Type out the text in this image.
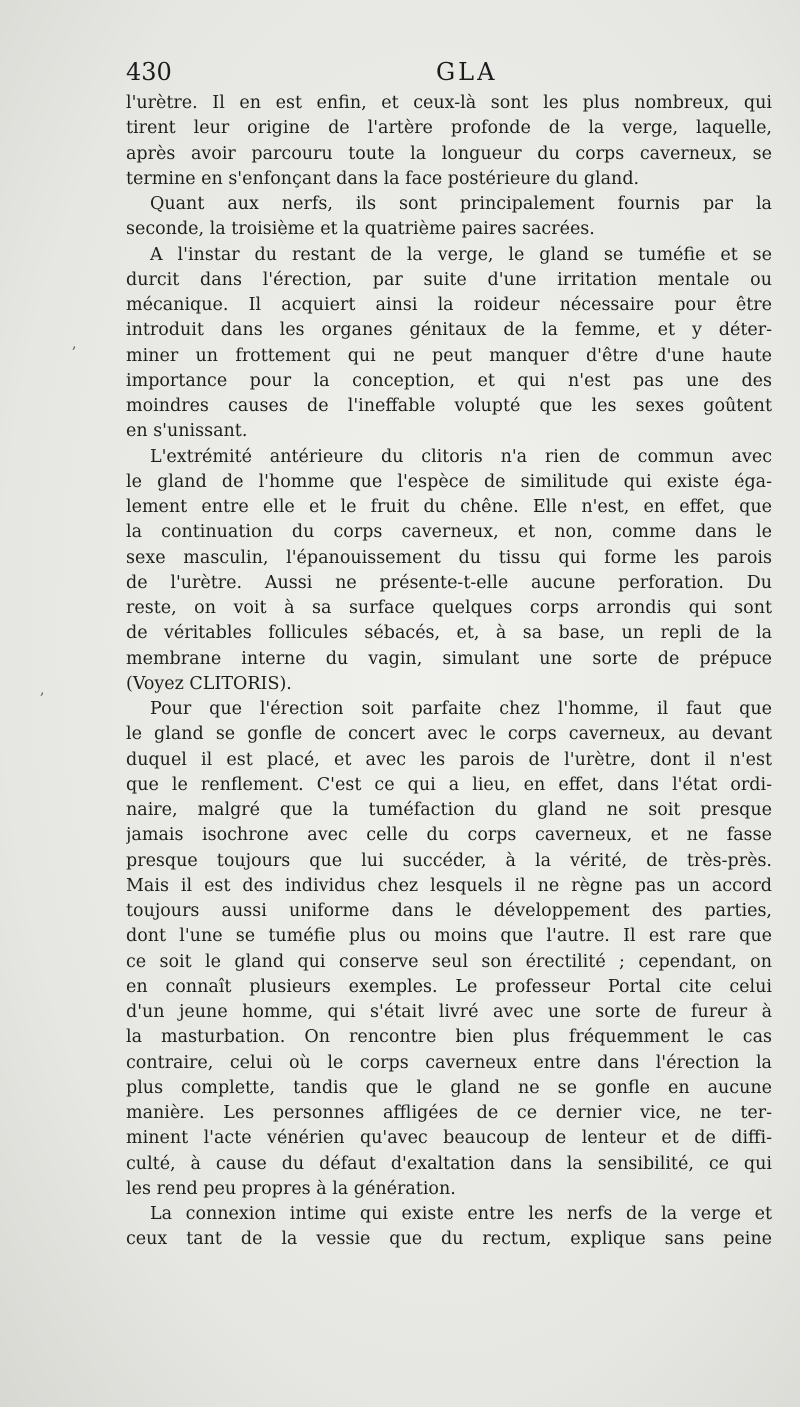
430	GLA
l'urètre. Il en est enfin, et ceux-là sont les plus nombreux, qui
tirent leur origine de l'artère profonde de la verge, laquelle,
après avoir parcouru toute la longueur du corps caverneux, se
termine en s'enfonçant dans la face postérieure du gland.
Quant aux nerfs, ils sont principalement fournis par la
seconde, la troisième et la quatrième paires sacrées.
A l'instar du restant de la verge, le gland se tuméfie et se
durcit dans l'érection, par suite d'une irritation mentale ou
mécanique. Il acquiert ainsi la roideur nécessaire pour être
introduit dans les organes génitaux de la femme, et y déter-
miner un frottement qui ne peut manquer d'être d'une haute
importance pour la conception, et qui n'est pas une des
moindres causes de l'ineffable volupté que les sexes goûtent
en s'unissant.
L'extrémité antérieure du clitoris n'a rien de commun avec
le gland de l'homme que l'espèce de similitude qui existe éga-
lement entre elle et le fruit du chêne. Elle n'est, en effet, que
la continuation du corps caverneux, et non, comme dans le
sexe masculin, l'épanouissement du tissu qui forme les parois
de l'urètre. Aussi ne présente-t-elle aucune perforation. Du
reste, on voit à sa surface quelques corps arrondis qui sont
de véritables follicules sébacés, et, à sa base, un repli de la
membrane interne du vagin, simulant une sorte de prépuce
(Voyez CLITORIS).
Pour que l'érection soit parfaite chez l'homme, il faut que
le gland se gonfle de concert avec le corps caverneux, au devant
duquel il est placé, et avec les parois de l'urètre, dont il n'est
que le renflement. C'est ce qui a lieu, en effet, dans l'état ordi-
naire, malgré que la tuméfaction du gland ne soit presque
jamais isochrone avec celle du corps caverneux, et ne fasse
presque toujours que lui succéder, à la vérité, de très-près.
Mais il est des individus chez lesquels il ne règne pas un accord
toujours aussi uniforme dans le développement des parties,
dont l'une se tuméfie plus ou moins que l'autre. Il est rare que
ce soit le gland qui conserve seul son érectilité ; cependant, on
en connaît plusieurs exemples. Le professeur Portal cite celui
d'un jeune homme, qui s'était livré avec une sorte de fureur à
la masturbation. On rencontre bien plus fréquemment le cas
contraire, celui où le corps caverneux entre dans l'érection la
plus complette, tandis que le gland ne se gonfle en aucune
manière. Les personnes affligées de ce dernier vice, ne ter-
minent l'acte vénérien qu'avec beaucoup de lenteur et de diffi-
culté, à cause du défaut d'exaltation dans la sensibilité, ce qui
les rend peu propres à la génération.
La connexion intime qui existe entre les nerfs de la verge et
ceux tant de la vessie que du rectum, explique sans peine
,
,
